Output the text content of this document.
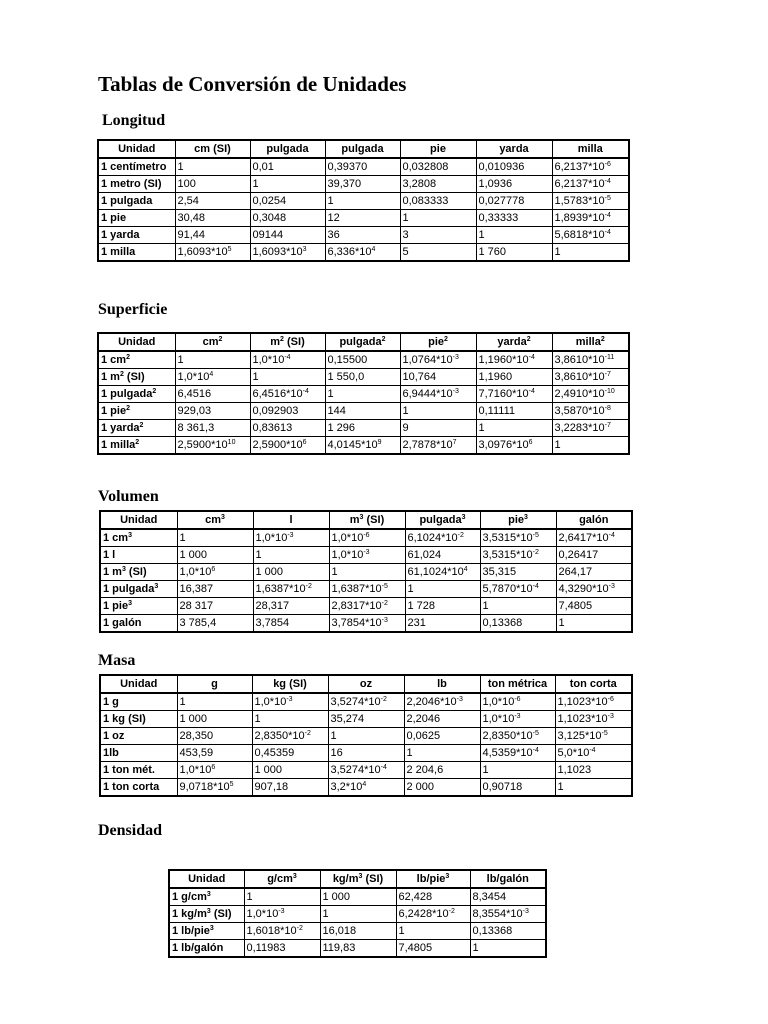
Tablas de Conversión de Unidades
Longitud
Unidad	cm (SI)	pulgada	pulgada	pie	yarda	milla
1 centímetro	1	0,01	0,39370	0,032808	0,010936	$6,2137*10^{-6}$
1 metro (SI)	100	1	39,370	3,2808	1,0936	$6,2137*10^{-4}$
1 pulgada	2,54	0,0254	1	0,083333	0,027778	$1,5783*10^{-5}$
1 pie	30,48	0,3048	12	1	0,33333	$1,8939*10^{-4}$
1 yarda	91,44	09144	36	3	1	$5,6818*10^{-4}$
1 milla	$1,6093*10^5$	$1,6093*10^3$	$6,336*10^4$	5	1 760	1
Superficie
Unidad	$cm^2$	$m^2$ (SI)	pulgada$^2$	pie$^2$	yarda$^2$	milla$^2$
1 $cm^2$	1	$1,0*10^{-4}$	0,15500	$1,0764*10^{-3}$	$1,1960*10^{-4}$	$3,8610*10^{-11}$
1 $m^2$ (SI)	$1,0*10^4$	1	1 550,0	10,764	1,1960	$3,8610*10^{-7}$
1 pulgada$^2$	6,4516	$6,4516*10^{-4}$	1	$6,9444*10^{-3}$	$7,7160*10^{-4}$	$2,4910*10^{-10}$
1 pie$^2$	929,03	0,092903	144	1	0,11111	$3,5870*10^{-8}$
1 yarda$^2$	8 361,3	0,83613	1 296	9	1	$3,2283*10^{-7}$
1 milla$^2$	$2,5900*10^{10}$	$2,5900*10^6$	$4,0145*10^9$	$2,7878*10^7$	$3,0976*10^6$	1
Volumen
Unidad	$cm^3$	l	$m^3$ (SI)	pulgada$^3$	pie$^3$	galón
1 $cm^3$	1	$1,0*10^{-3}$	$1,0*10^{-6}$	$6,1024*10^{-2}$	$3,5315*10^{-5}$	$2,6417*10^{-4}$
1 l	1 000	1	$1,0*10^{-3}$	61,024	$3,5315*10^{-2}$	0,26417
1 $m^3$ (SI)	$1,0*10^6$	1 000	1	$61,1024*10^4$	35,315	264,17
1 pulgada$^3$	16,387	$1,6387*10^{-2}$	$1,6387*10^{-5}$	1	$5,7870*10^{-4}$	$4,3290*10^{-3}$
1 pie$^3$	28 317	28,317	$2,8317*10^{-2}$	1 728	1	7,4805
1 galón	3 785,4	3,7854	$3,7854*10^{-3}$	231	0,13368	1
Masa
Unidad	g	kg (SI)	oz	lb	ton métrica	ton corta
1 g	1	$1,0*10^{-3}$	$3,5274*10^{-2}$	$2,2046*10^{-3}$	$1,0*10^{-6}$	$1,1023*10^{-6}$
1 kg (SI)	1 000	1	35,274	2,2046	$1,0*10^{-3}$	$1,1023*10^{-3}$
1 oz	28,350	$2,8350*10^{-2}$	1	0,0625	$2,8350*10^{-5}$	$3,125*10^{-5}$
1lb	453,59	0,45359	16	1	$4,5359*10^{-4}$	$5,0*10^{-4}$
1 ton mét.	$1,0*10^6$	1 000	$3,5274*10^{-4}$	2 204,6	1	1,1023
1 ton corta	$9,0718*10^5$	907,18	$3,2*10^4$	2 000	0,90718	1
Densidad
Unidad	$g/cm^3$	$kg/m^3$ (SI)	lb/pie$^3$	lb/galón
1 $g/cm^3$	1	1 000	62,428	8,3454
1 $kg/m^3$ (SI)	$1,0*10^{-3}$	1	$6,2428*10^{-2}$	$8,3554*10^{-3}$
1 lb/pie$^3$	$1,6018*10^{-2}$	16,018	1	0,13368
1 lb/galón	0,11983	119,83	7,4805	1
